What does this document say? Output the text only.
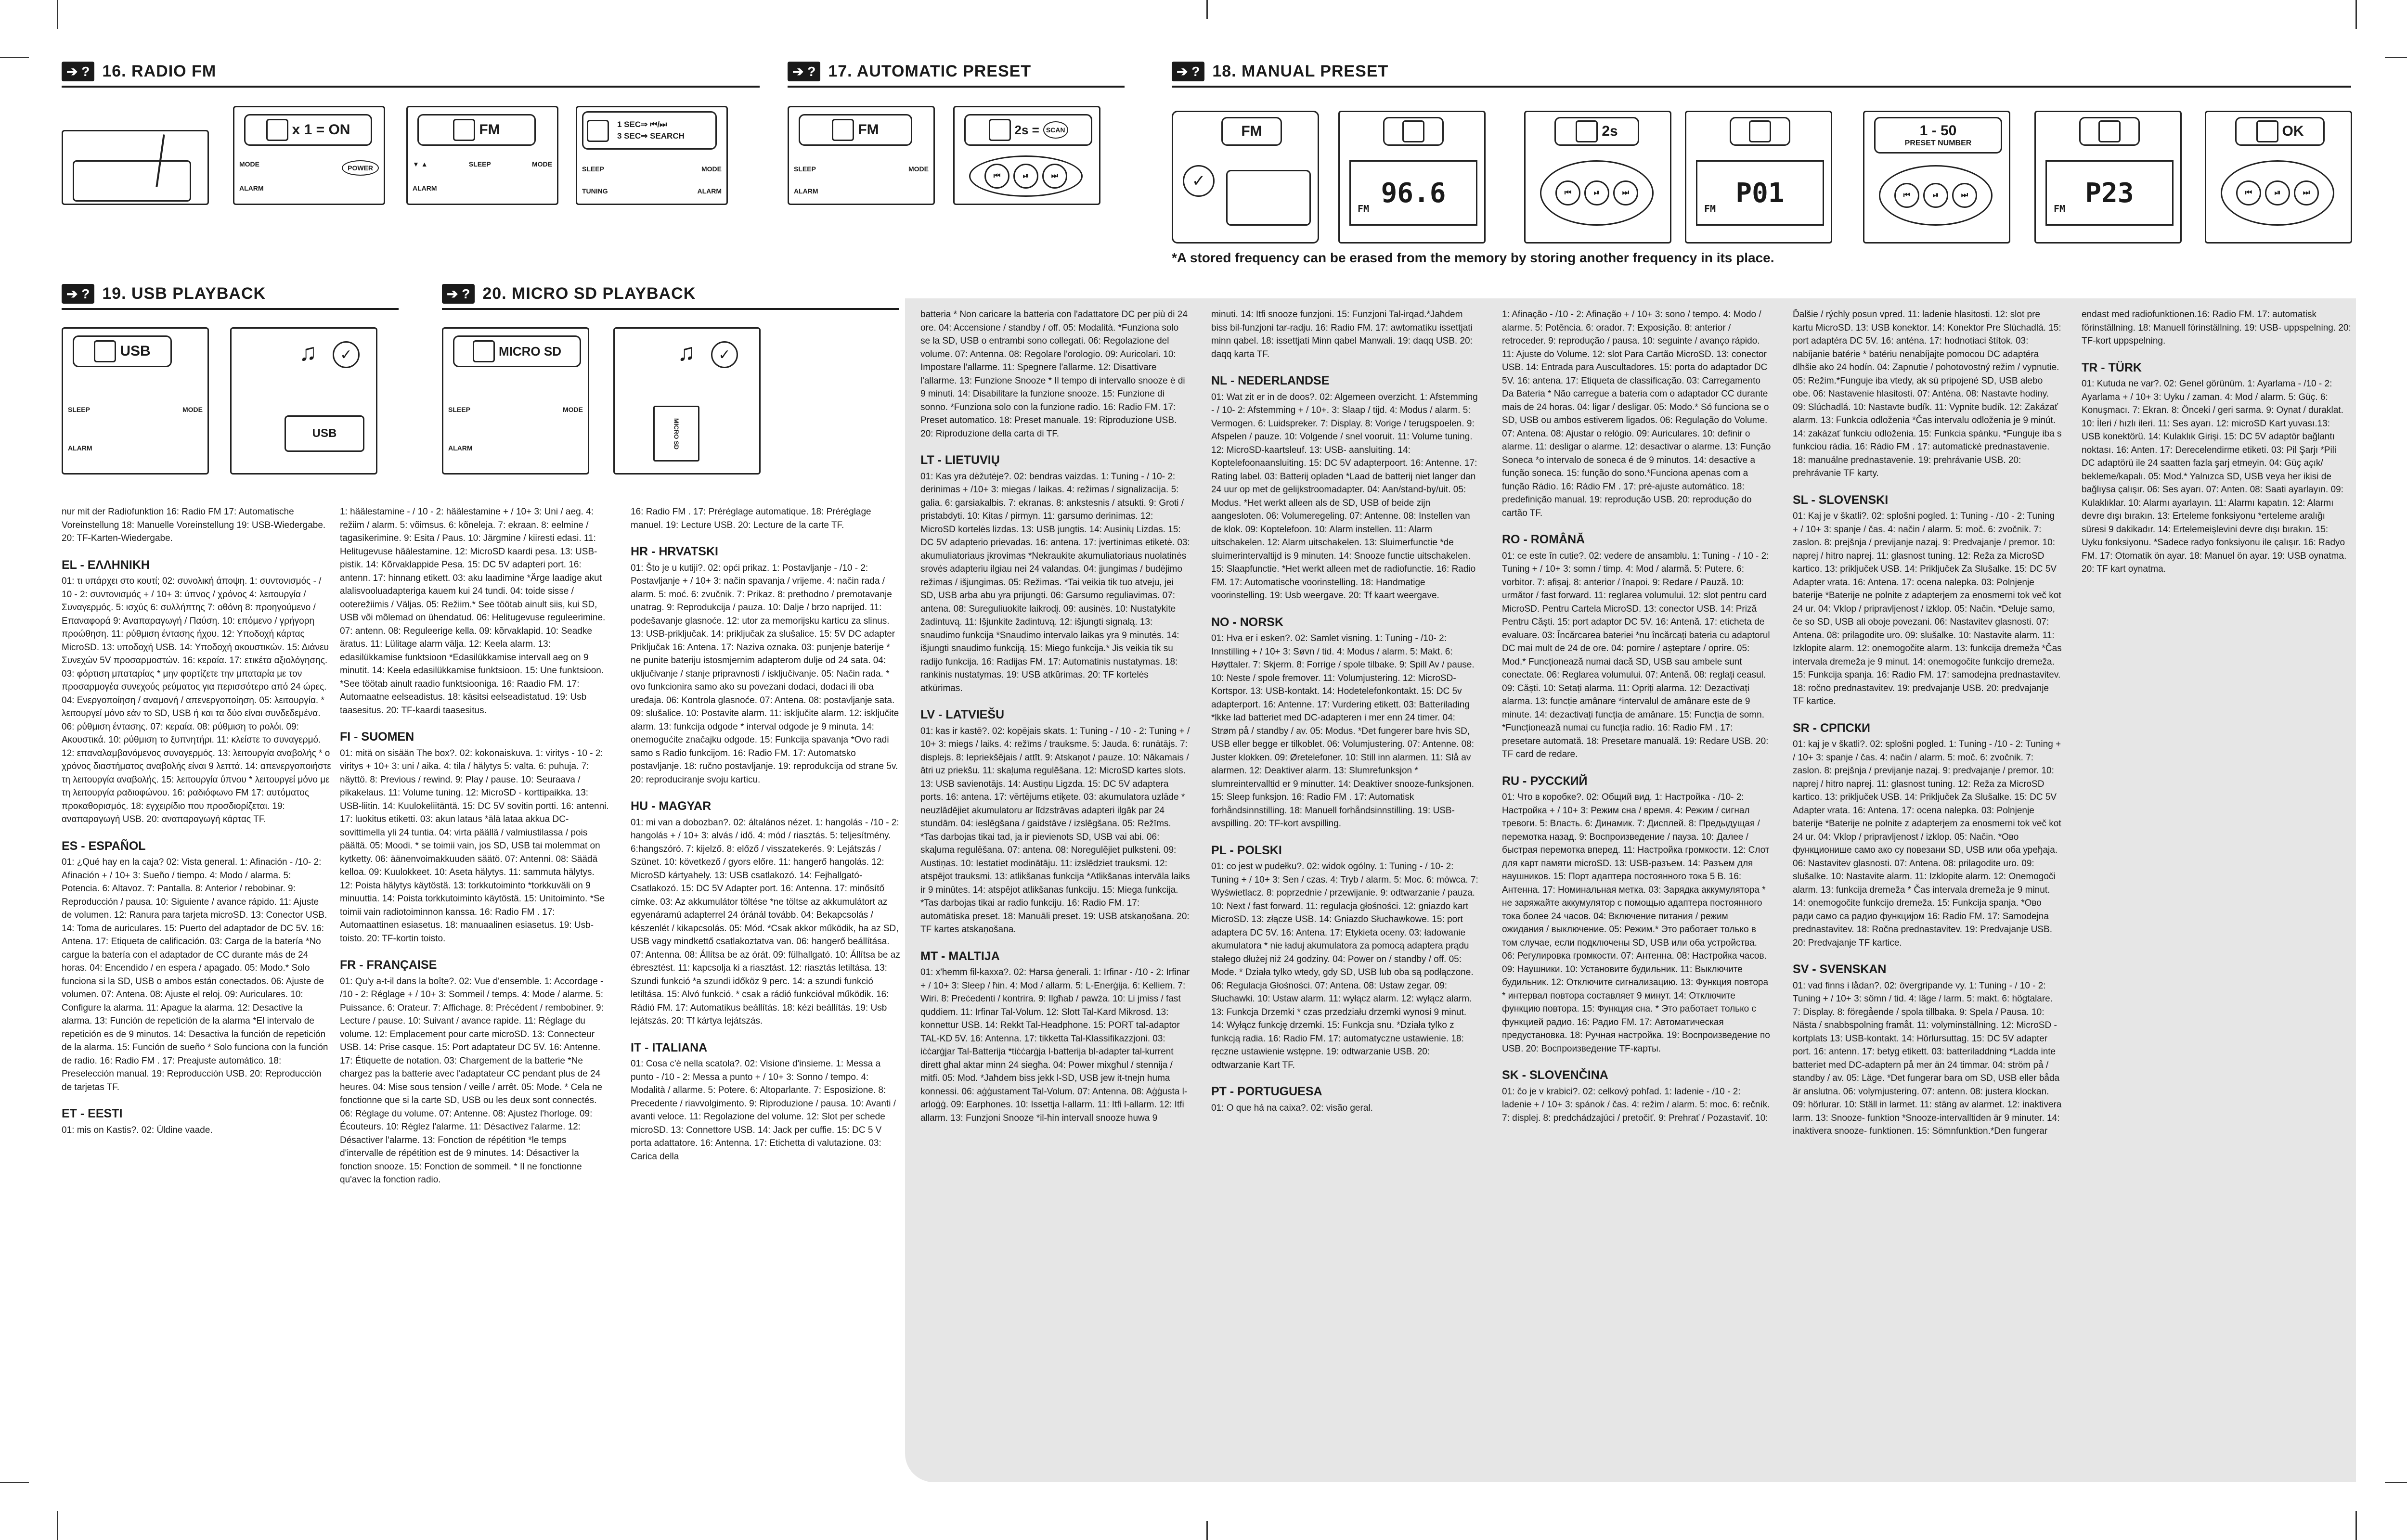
➔ ? 16. RADIO FM
x 1 = ON
MODE	POWER
ALARM
FM
▼ ▲	SLEEP	MODE
ALARM
1 SEC⇒ ⏮/⏭
3 SEC⇒ SEARCH
SLEEP	MODE
TUNING	ALARM
➔ ? 17. AUTOMATIC PRESET
FM
SLEEP	MODE
ALARM
2s =	SCAN
⏮	⏯	⏭
➔ ? 18. MANUAL PRESET
FM
✓
FM
96.6
2s
⏮	⏯	⏭
FM
P01
1 - 50
PRESET NUMBER
⏮	⏯	⏭
FM
P23
OK
⏮	⏯	⏭
*A stored frequency can be erased from the memory by storing another frequency in its place.
➔ ? 19. USB PLAYBACK	➔ ? 20. MICRO SD PLAYBACK
USB
SLEEP	MODE
ALARM
♫	✓
USB
MICRO SD
SLEEP	MODE
ALARM
♫	✓
MICRO SD

nur mit der Radiofunktion 16: Radio FM 17: Automatische Voreinstellung 18: Manuelle Voreinstellung 19: USB-Wiedergabe. 20: TF-Karten-Wiedergabe.

EL - ΕΛΛΗΝΙΚΗ

01: τι υπάρχει στο κουτί; 02: συνολική άποψη. 1: συντονισμός - / 10 - 2: συντονισμός + / 10+ 3: ύπνος / χρόνος 4: λειτουργία / Συναγερμός. 5: ισχύς 6: συλλήπτης 7: οθόνη 8: προηγούμενο / Επαναφορά 9: Αναπαραγωγή / Παύση. 10: επόμενο / γρήγορη προώθηση. 11: ρύθμιση έντασης ήχου. 12: Υποδοχή κάρτας MicroSD. 13: υποδοχή USB. 14: Υποδοχή ακουστικών. 15: Διάνευ Συνεχών 5V προσαρμοστών. 16: κεραία. 17: ετικέτα αξιολόγησης. 03: φόρτιση μπαταρίας * μην φορτίζετε την μπαταρία με τον προσαρμογέα συνεχούς ρεύματος για περισσότερο από 24 ώρες. 04: Ενεργοποίηση / αναμονή / απενεργοποίηση. 05: λειτουργία. * λειτουργεί μόνο εάν το SD, USB ή και τα δύο είναι συνδεδεμένα. 06: ρύθμιση έντασης. 07: κεραία. 08: ρύθμιση το ρολόι. 09: Ακουστικά. 10: ρύθμιση το ξυπνητήρι. 11: κλείστε το συναγερμό. 12: επαναλαμβανόμενος συναγερμός. 13: λειτουργία αναβολής * ο χρόνος διαστήματος αναβολής είναι 9 λεπτά. 14: απενεργοποιήστε τη λειτουργία αναβολής. 15: λειτουργία ύπνου * λειτουργεί μόνο με τη λειτουργία ραδιοφώνου. 16: ραδιόφωνο FM 17: αυτόματος προκαθορισμός. 18: εγχειρίδιο που προσδιορίζεται. 19: αναπαραγωγή USB. 20: αναπαραγωγή κάρτας TF.

ES - ESPAÑOL

01: ¿Qué hay en la caja? 02: Vista general. 1: Afinación - /10- 2: Afinación + / 10+ 3: Sueño / tiempo. 4: Modo / alarma. 5: Potencia. 6: Altavoz. 7: Pantalla. 8: Anterior / rebobinar. 9: Reproducción / pausa. 10: Siguiente / avance rápido. 11: Ajuste de volumen. 12: Ranura para tarjeta microSD. 13: Conector USB. 14: Toma de auriculares. 15: Puerto del adaptador de DC 5V. 16: Antena. 17: Etiqueta de calificación. 03: Carga de la batería *No cargue la batería con el adaptador de CC durante más de 24 horas. 04: Encendido / en espera / apagado. 05: Modo.* Solo funciona si la SD, USB o ambos están conectados. 06: Ajuste de volumen. 07: Antena. 08: Ajuste el reloj. 09: Auriculares. 10: Configure la alarma. 11: Apague la alarma. 12: Desactive la alarma. 13: Función de repetición de la alarma *El intervalo de repetición es de 9 minutos. 14: Desactiva la función de repetición de la alarma. 15: Función de sueño * Solo funciona con la función de radio. 16: Radio FM . 17: Preajuste automático. 18: Preselección manual. 19: Reproducción USB. 20: Reproducción de tarjetas TF.

ET - EESTI

01: mis on Kastis?. 02: Üldine vaade.

1: häälestamine - / 10 - 2: häälestamine + / 10+ 3: Uni / aeg. 4: režiim / alarm. 5: võimsus. 6: kõneleja. 7: ekraan. 8: eelmine / tagasikerimine. 9: Esita / Paus. 10: Järgmine / kiiresti edasi. 11: Helitugevuse häälestamine. 12: MicroSD kaardi pesa. 13: USB-pistik. 14: Kõrvaklappide Pesa. 15: DC 5V adapteri port. 16: antenn. 17: hinnang etikett. 03: aku laadimine *Ärge laadige akut alalisvooluadapteriga kauem kui 24 tundi. 04: toide sisse / ooterežiimis / Väljas. 05: Režiim.* See töötab ainult siis, kui SD, USB või mõlemad on ühendatud. 06: Helitugevuse reguleerimine. 07: antenn. 08: Reguleerige kella. 09: kõrvaklapid. 10: Seadke äratus. 11: Lülitage alarm välja. 12: Keela alarm. 13: edasilükkamise funktsioon *Edasilükkamise intervall aeg on 9 minutit. 14: Keela edasilükkamise funktsioon. 15: Une funktsioon. *See töötab ainult raadio funktsiooniga. 16: Raadio FM. 17: Automaatne eelseadistus. 18: käsitsi eelseadistatud. 19: Usb taasesitus. 20: TF-kaardi taasesitus.

FI - SUOMEN

01: mitä on sisään The box?. 02: kokonaiskuva. 1: viritys - 10 - 2: viritys + 10+ 3: uni / aika. 4: tila / hälytys 5: valta. 6: puhuja. 7: näyttö. 8: Previous / rewind. 9: Play / pause. 10: Seuraava / pikakelaus. 11: Volume tuning. 12: MicroSD - korttipaikka. 13: USB-liitin. 14: Kuulokeliitäntä. 15: DC 5V sovitin portti. 16: antenni. 17: luokitus etiketti. 03: akun lataus *älä lataa akkua DC-sovittimella yli 24 tuntia. 04: virta päällä / valmiustilassa / pois päältä. 05: Moodi. * se toimii vain, jos SD, USB tai molemmat on kytketty. 06: äänenvoimakkuuden säätö. 07: Antenni. 08: Säädä kelloa. 09: Kuulokkeet. 10: Aseta hälytys. 11: sammuta hälytys. 12: Poista hälytys käytöstä. 13: torkkutoiminto *torkkuväli on 9 minuuttia. 14: Poista torkkutoiminto käytöstä. 15: Unitoiminto. *Se toimii vain radiotoiminnon kanssa. 16: Radio FM . 17: Automaattinen esiasetus. 18: manuaalinen esiasetus. 19: Usb-toisto. 20: TF-kortin toisto.

FR - FRANÇAISE

01: Qu'y a-t-il dans la boîte?. 02: Vue d'ensemble. 1: Accordage - /10 - 2: Réglage + / 10+ 3: Sommeil / temps. 4: Mode / alarme. 5: Puissance. 6: Orateur. 7: Affichage. 8: Précédent / rembobiner. 9: Lecture / pause. 10: Suivant / avance rapide. 11: Réglage du volume. 12: Emplacement pour carte microSD. 13: Connecteur USB. 14: Prise casque. 15: Port adaptateur DC 5V. 16: Antenne. 17: Étiquette de notation. 03: Chargement de la batterie *Ne chargez pas la batterie avec l'adaptateur CC pendant plus de 24 heures. 04: Mise sous tension / veille / arrêt. 05: Mode. * Cela ne fonctionne que si la carte SD, USB ou les deux sont connectés. 06: Réglage du volume. 07: Antenne. 08: Ajustez l'horloge. 09: Écouteurs. 10: Réglez l'alarme. 11: Désactivez l'alarme. 12: Désactiver l'alarme. 13: Fonction de répétition *le temps d'intervalle de répétition est de 9 minutes. 14: Désactiver la fonction snooze. 15: Fonction de sommeil. * Il ne fonctionne qu'avec la fonction radio.

16: Radio FM . 17: Préréglage automatique. 18: Préréglage manuel. 19: Lecture USB. 20: Lecture de la carte TF.

HR - HRVATSKI

01: Što je u kutiji?. 02: opći prikaz. 1: Postavljanje - /10 - 2: Postavljanje + / 10+ 3: način spavanja / vrijeme. 4: način rada / alarm. 5: moć. 6: zvučnik. 7: Prikaz. 8: prethodno / premotavanje unatrag. 9: Reprodukcija / pauza. 10: Dalje / brzo naprijed. 11: podešavanje glasnoće. 12: utor za memorijsku karticu za slinus. 13: USB-priključak. 14: priključak za slušalice. 15: 5V DC adapter Priključak 16: Antena. 17: Naziva oznaka. 03: punjenje baterije * ne punite bateriju istosmjernim adapterom dulje od 24 sata. 04: uključivanje / stanje pripravnosti / isključivanje. 05: Način rada. * ovo funkcionira samo ako su povezani dodaci, dodaci ili oba uređaja. 06: Kontrola glasnoće. 07: Antena. 08: postavljanje sata. 09: slušalice. 10: Postavite alarm. 11: isključite alarm. 12: isključite alarm. 13: funkcija odgode * interval odgode je 9 minuta. 14: onemogućite značajku odgode. 15: Funkcija spavanja *Ovo radi samo s Radio funkcijom. 16: Radio FM. 17: Automatsko postavljanje. 18: ručno postavljanje. 19: reprodukcija od strane 5v. 20: reproduciranje svoju karticu.

HU - MAGYAR

01: mi van a dobozban?. 02: általános nézet. 1: hangolás - /10 - 2: hangolás + / 10+ 3: alvás / idő. 4: mód / riasztás. 5: teljesítmény. 6:hangszóró. 7: kijelző. 8: előző / visszatekerés. 9: Lejátszás / Szünet. 10: következő / gyors előre. 11: hangerő hangolás. 12: MicroSD kártyahely. 13: USB csatlakozó. 14: Fejhallgató-Csatlakozó. 15: DC 5V Adapter port. 16: Antenna. 17: minősítő címke. 03: Az akkumulátor töltése *ne töltse az akkumulátort az egyenáramú adapterrel 24 óránál tovább. 04: Bekapcsolás / készenlét / kikapcsolás. 05: Mód. *Csak akkor működik, ha az SD, USB vagy mindkettő csatlakoztatva van. 06: hangerő beállítása. 07: Antenna. 08: Állítsa be az órát. 09: fülhallgató. 10: Állítsa be az ébresztést. 11: kapcsolja ki a riasztást. 12: riasztás letiltása. 13: Szundi funkció *a szundi időköz 9 perc. 14: a szundi funkció letiltása. 15: Alvó funkció. * csak a rádió funkcióval működik. 16: Rádió FM. 17: Automatikus beállítás. 18: kézi beállítás. 19: Usb lejátszás. 20: Tf kártya lejátszás.

IT - ITALIANA

01: Cosa c'è nella scatola?. 02: Visione d'insieme. 1: Messa a punto - /10 - 2: Messa a punto + / 10+ 3: Sonno / tempo. 4: Modalità / allarme. 5: Potere. 6: Altoparlante. 7: Esposizione. 8: Precedente / riavvolgimento. 9: Riproduzione / pausa. 10: Avanti / avanti veloce. 11: Regolazione del volume. 12: Slot per schede microSD. 13: Connettore USB. 14: Jack per cuffie. 15: DC 5 V porta adattatore. 16: Antenna. 17: Etichetta di valutazione. 03: Carica della

batteria * Non caricare la batteria con l'adattatore DC per più di 24 ore. 04: Accensione / standby / off. 05: Modalità. *Funziona solo se la SD, USB o entrambi sono collegati. 06: Regolazione del volume. 07: Antenna. 08: Regolare l'orologio. 09: Auricolari. 10: Impostare l'allarme. 11: Spegnere l'allarme. 12: Disattivare l'allarme. 13: Funzione Snooze * Il tempo di intervallo snooze è di 9 minuti. 14: Disabilitare la funzione snooze. 15: Funzione di sonno. *Funziona solo con la funzione radio. 16: Radio FM. 17: Preset automatico. 18: Preset manuale. 19: Riproduzione USB. 20: Riproduzione della carta di TF.

LT - LIETUVIŲ

01: Kas yra dėžutėje?. 02: bendras vaizdas. 1: Tuning - / 10- 2: derinimas + /10+ 3: miegas / laikas. 4: režimas / signalizacija. 5: galia. 6: garsiakalbis. 7: ekranas. 8: ankstesnis / atsukti. 9: Groti / pristabdyti. 10: Kitas / pirmyn. 11: garsumo derinimas. 12: MicroSD kortelės lizdas. 13: USB jungtis. 14: Ausinių Lizdas. 15: DC 5V adapterio prievadas. 16: antena. 17: įvertinimas etiketė. 03: akumuliatoriaus įkrovimas *Nekraukite akumuliatoriaus nuolatinės srovės adapteriu ilgiau nei 24 valandas. 04: įjungimas / budėjimo režimas / išjungimas. 05: Režimas. *Tai veikia tik tuo atveju, jei SD, USB arba abu yra prijungti. 06: Garsumo reguliavimas. 07: antena. 08: Sureguliuokite laikrodį. 09: ausinės. 10: Nustatykite žadintuvą. 11: Išjunkite žadintuvą. 12: išjungti signalą. 13: snaudimo funkcija *Snaudimo intervalo laikas yra 9 minutės. 14: išjungti snaudimo funkciją. 15: Miego funkcija.* Jis veikia tik su radijo funkcija. 16: Radijas FM. 17: Automatinis nustatymas. 18: rankinis nustatymas. 19: USB atkūrimas. 20: TF kortelės atkūrimas.

LV - LATVIEŠU

01: kas ir kastē?. 02: kopējais skats. 1: Tuning - / 10 - 2: Tuning + / 10+ 3: miegs / laiks. 4: režīms / trauksme. 5: Jauda. 6: runātājs. 7: displejs. 8: Iepriekšējais / attīt. 9: Atskaņot / pauze. 10: Nākamais / ātri uz priekšu. 11: skaļuma regulēšana. 12: MicroSD kartes slots. 13: USB savienotājs. 14: Austiņu Ligzda. 15: DC 5V adaptera ports. 16: antena. 17: vērtējums etiķete. 03: akumulatora uzlāde * neuzlādējiet akumulatoru ar līdzstrāvas adapteri ilgāk par 24 stundām. 04: ieslēgšana / gaidstāve / izslēgšana. 05: Režīms. *Tas darbojas tikai tad, ja ir pievienots SD, USB vai abi. 06: skaļuma regulēšana. 07: antena. 08: Noregulējiet pulksteni. 09: Austiņas. 10: Iestatiet modinātāju. 11: izslēdziet trauksmi. 12: atspējot trauksmi. 13: atlikšanas funkcija *Atlikšanas intervāla laiks ir 9 minūtes. 14: atspējot atlikšanas funkciju. 15: Miega funkcija. *Tas darbojas tikai ar radio funkciju. 16: Radio FM. 17: automātiska preset. 18: Manuāli preset. 19: USB atskaņošana. 20: TF kartes atskaņošana.

MT - MALTIJA

01: x'hemm fil-kaxxa?. 02: Ħarsa ġenerali. 1: Irfinar - /10 - 2: Irfinar + / 10+ 3: Sleep / ħin. 4: Mod / allarm. 5: L-Enerġija. 6: Kelliem. 7: Wiri. 8: Preċedenti / kontrira. 9: Ilgħab / pawża. 10: Li jmiss / fast quddiem. 11: Irfinar Tal-Volum. 12: Slott Tal-Kard Mikrosd. 13: konnettur USB. 14: Rekkt Tal-Headphone. 15: PORT tal-adaptor TAL-KD 5V. 16: Antenna. 17: tikketta Tal-Klassifikazzjoni. 03: iċċarġjar Tal-Batterija *tiċċarġja l-batterija bl-adapter tal-kurrent dirett għal aktar minn 24 siegħa. 04: Power mixgħul / stennija / mitfi. 05: Mod. *Jaħdem biss jekk l-SD, USB jew it-tnejn huma konnessi. 06: aġġustament Tal-Volum. 07: Antenna. 08: Aġġusta l-arloġġ. 09: Earphones. 10: Issettja l-allarm. 11: Itfi l-allarm. 12: Itfi allarm. 13: Funzjoni Snooze *il-ħin intervall snooze huwa 9

minuti. 14: Itfi snooze funzjoni. 15: Funzjoni Tal-irqad.*Jaħdem biss bil-funzjoni tar-radju. 16: Radio FM. 17: awtomatiku issettjati minn qabel. 18: issettjati Minn qabel Manwali. 19: daqq USB. 20: daqq karta TF.

NL - NEDERLANDSE

01: Wat zit er in de doos?. 02: Algemeen overzicht. 1: Afstemming - / 10- 2: Afstemming + / 10+. 3: Slaap / tijd. 4: Modus / alarm. 5: Vermogen. 6: Luidspreker. 7: Display. 8: Vorige / terugspoelen. 9: Afspelen / pauze. 10: Volgende / snel vooruit. 11: Volume tuning. 12: MicroSD-kaartsleuf. 13: USB- aansluiting. 14: Koptelefoonaansluiting. 15: DC 5V adapterpoort. 16: Antenne. 17: Rating label. 03: Batterij opladen *Laad de batterij niet langer dan 24 uur op met de gelijkstroomadapter. 04: Aan/stand-by/uit. 05: Modus. *Het werkt alleen als de SD, USB of beide zijn aangesloten. 06: Volumeregeling. 07: Antenne. 08: Instellen van de klok. 09: Koptelefoon. 10: Alarm instellen. 11: Alarm uitschakelen. 12: Alarm uitschakelen. 13: Sluimerfunctie *de sluimerintervaltijd is 9 minuten. 14: Snooze functie uitschakelen. 15: Slaapfunctie. *Het werkt alleen met de radiofunctie. 16: Radio FM. 17: Automatische voorinstelling. 18: Handmatige voorinstelling. 19: Usb weergave. 20: Tf kaart weergave.

NO - NORSK

01: Hva er i esken?. 02: Samlet visning. 1: Tuning - /10- 2: Innstilling + / 10+ 3: Søvn / tid. 4: Modus / alarm. 5: Makt. 6: Høyttaler. 7: Skjerm. 8: Forrige / spole tilbake. 9: Spill Av / pause. 10: Neste / spole fremover. 11: Volumjustering. 12: MicroSD-Kortspor. 13: USB-kontakt. 14: Hodetelefonkontakt. 15: DC 5v adapterport. 16: Antenne. 17: Vurdering etikett. 03: Batterilading *lkke lad batteriet med DC-adapteren i mer enn 24 timer. 04: Strøm på / standby / av. 05: Modus. *Det fungerer bare hvis SD, USB eller begge er tilkoblet. 06: Volumjustering. 07: Antenne. 08: Juster klokken. 09: Øretelefoner. 10: Still inn alarmen. 11: Slå av alarmen. 12: Deaktiver alarm. 13: Slumrefunksjon * slumreintervalltid er 9 minutter. 14: Deaktiver snooze-funksjonen. 15: Sleep funksjon. 16: Radio FM . 17: Automatisk forhåndsinnstilling. 18: Manuell forhåndsinnstilling. 19: USB-avspilling. 20: TF-kort avspilling.

PL - POLSKI

01: co jest w pudełku?. 02: widok ogólny. 1: Tuning - / 10- 2: Tuning + / 10+ 3: Sen / czas. 4: Tryb / alarm. 5: Moc. 6: mówca. 7: Wyświetlacz. 8: poprzednie / przewijanie. 9: odtwarzanie / pauza. 10: Next / fast forward. 11: regulacja głośności. 12: gniazdo kart MicroSD. 13: złącze USB. 14: Gniazdo Słuchawkowe. 15: port adaptera DC 5V. 16: Antena. 17: Etykieta oceny. 03: ładowanie akumulatora * nie ładuj akumulatora za pomocą adaptera prądu stałego dłużej niż 24 godziny. 04: Power on / standby / off. 05: Mode. * Działa tylko wtedy, gdy SD, USB lub oba są podłączone. 06: Regulacja Głośności. 07: Antena. 08: Ustaw zegar. 09: Słuchawki. 10: Ustaw alarm. 11: wyłącz alarm. 12: wyłącz alarm. 13: Funkcja Drzemki * czas przedziału drzemki wynosi 9 minut. 14: Wyłącz funkcję drzemki. 15: Funkcja snu. *Działa tylko z funkcją radia. 16: Radio FM. 17: automatyczne ustawienie. 18: ręczne ustawienie wstępne. 19: odtwarzanie USB. 20: odtwarzanie Kart TF.

PT - PORTUGUESA

01: O que há na caixa?. 02: visão geral.

1: Afinação - /10 - 2: Afinação + / 10+ 3: sono / tempo. 4: Modo / alarme. 5: Potência. 6: orador. 7: Exposição. 8: anterior / retroceder. 9: reprodução / pausa. 10: seguinte / avanço rápido. 11: Ajuste do Volume. 12: slot Para Cartão MicroSD. 13: conector USB. 14: Entrada para Auscultadores. 15: porta do adaptador DC 5V. 16: antena. 17: Etiqueta de classificação. 03: Carregamento Da Bateria * Não carregue a bateria com o adaptador CC durante mais de 24 horas. 04: ligar / desligar. 05: Modo.* Só funciona se o SD, USB ou ambos estiverem ligados. 06: Regulação do Volume. 07: Antena. 08: Ajustar o relógio. 09: Auriculares. 10: definir o alarme. 11: desligar o alarme. 12: desactivar o alarme. 13: Função Soneca *o intervalo de soneca é de 9 minutos. 14: desactive a função soneca. 15: função do sono.*Funciona apenas com a função Rádio. 16: Rádio FM . 17: pré-ajuste automático. 18: predefinição manual. 19: reprodução USB. 20: reprodução do cartão TF.

RO - ROMÂNĂ

01: ce este în cutie?. 02: vedere de ansamblu. 1: Tuning - / 10 - 2: Tuning + / 10+ 3: somn / timp. 4: Mod / alarmă. 5: Putere. 6: vorbitor. 7: afișaj. 8: anterior / înapoi. 9: Redare / Pauză. 10: următor / fast forward. 11: reglarea volumului. 12: slot pentru card MicroSD. Pentru Cartela MicroSD. 13: conector USB. 14: Priză Pentru Căști. 15: port adaptor DC 5V. 16: Antenă. 17: eticheta de evaluare. 03: Încărcarea bateriei *nu încărcați bateria cu adaptorul DC mai mult de 24 de ore. 04: pornire / așteptare / oprire. 05: Mod.* Funcționează numai dacă SD, USB sau ambele sunt conectate. 06: Reglarea volumului. 07: Antenă. 08: reglați ceasul. 09: Căști. 10: Setați alarma. 11: Opriți alarma. 12: Dezactivați alarma. 13: funcție amânare *intervalul de amânare este de 9 minute. 14: dezactivați funcția de amânare. 15: Funcția de somn. *Funcționează numai cu funcția radio. 16: Radio FM . 17: presetare automată. 18: Presetare manuală. 19: Redare USB. 20: TF card de redare.

RU - РУССКИЙ

01: Что в коробке?. 02: Общий вид. 1: Настройка - /10- 2: Настройка + / 10+ 3: Режим сна / время. 4: Режим / сигнал тревоги. 5: Власть. 6: Динамик. 7: Дисплей. 8: Предыдущая / перемотка назад. 9: Воспроизведение / пауза. 10: Далее / быстрая перемотка вперед. 11: Настройка громкости. 12: Слот для карт памяти microSD. 13: USB-разъем. 14: Разъем для наушников. 15: Порт адаптера постоянного тока 5 В. 16: Антенна. 17: Номинальная метка. 03: Зарядка аккумулятора * не заряжайте аккумулятор с помощью адаптера постоянного тока более 24 часов. 04: Включение питания / режим ожидания / выключение. 05: Режим.* Это работает только в том случае, если подключены SD, USB или оба устройства. 06: Регулировка громкости. 07: Антенна. 08: Настройка часов. 09: Наушники. 10: Установите будильник. 11: Выключите будильник. 12: Отключите сигнализацию. 13: Функция повтора * интервал повтора составляет 9 минут. 14: Отключите функцию повтора. 15: Функция сна. * Это работает только с функцией радио. 16: Радио FM. 17: Автоматическая предустановка. 18: Ручная настройка. 19: Воспроизведение по USB. 20: Воспроизведение TF-карты.

SK - SLOVENČINA

01: čo je v krabici?. 02: celkový pohľad. 1: ladenie - /10 - 2: ladenie + / 10+ 3: spánok / čas. 4: režim / alarm. 5: moc. 6: rečník. 7: displej. 8: predchádzajúci / pretočiť. 9: Prehrať / Pozastaviť. 10:

Ďalšie / rýchly posun vpred. 11: ladenie hlasitosti. 12: slot pre kartu MicroSD. 13: USB konektor. 14: Konektor Pre Slúchadlá. 15: port adaptéra DC 5V. 16: anténa. 17: hodnotiaci štítok. 03: nabíjanie batérie * batériu nenabíjajte pomocou DC adaptéra dlhšie ako 24 hodín. 04: Zapnutie / pohotovostný režim / vypnutie. 05: Režim.*Funguje iba vtedy, ak sú pripojené SD, USB alebo obe. 06: Nastavenie hlasitosti. 07: Anténa. 08: Nastavte hodiny. 09: Slúchadlá. 10: Nastavte budík. 11: Vypnite budík. 12: Zakázať alarm. 13: Funkcia odloženia *Čas intervalu odloženia je 9 minút. 14: zakázať funkciu odloženia. 15: Funkcia spánku. *Funguje iba s funkciou rádia. 16: Rádio FM . 17: automatické prednastavenie. 18: manuálne prednastavenie. 19: prehrávanie USB. 20: prehrávanie TF karty.

SL - SLOVENSKI

01: Kaj je v škatli?. 02: splošni pogled. 1: Tuning - /10 - 2: Tuning + / 10+ 3: spanje / čas. 4: način / alarm. 5: moč. 6: zvočnik. 7: zaslon. 8: prejšnja / previjanje nazaj. 9: Predvajanje / premor. 10: naprej / hitro naprej. 11: glasnost tuning. 12: Reža za MicroSD kartico. 13: priključek USB. 14: Priključek Za Slušalke. 15: DC 5V Adapter vrata. 16: Antena. 17: ocena nalepka. 03: Polnjenje baterije *Baterije ne polnite z adapterjem za enosmerni tok več kot 24 ur. 04: Vklop / pripravljenost / izklop. 05: Način. *Deluje samo, če so SD, USB ali oboje povezani. 06: Nastavitev glasnosti. 07: Antena. 08: prilagodite uro. 09: slušalke. 10: Nastavite alarm. 11: Izklopite alarm. 12: onemogočite alarm. 13: funkcija dremeža *Čas intervala dremeža je 9 minut. 14: onemogočite funkcijo dremeža. 15: Funkcija spanja. 16: Radio FM. 17: samodejna prednastavitev. 18: ročno prednastavitev. 19: predvajanje USB. 20: predvajanje TF kartice.

SR - СРПСКИ

01: kaj je v škatli?. 02: splošni pogled. 1: Tuning - /10 - 2: Tuning + / 10+ 3: spanje / čas. 4: način / alarm. 5: moč. 6: zvočnik. 7: zaslon. 8: prejšnja / previjanje nazaj. 9: predvajanje / premor. 10: naprej / hitro naprej. 11: glasnost tuning. 12: Reža za MicroSD kartico. 13: priključek USB. 14: Priključek Za Slušalke. 15: DC 5V Adapter vrata. 16: Antena. 17: ocena nalepka. 03: Polnjenje baterije *Baterije ne polnite z adapterjem za enosmerni tok več kot 24 ur. 04: Vklop / pripravljenost / izklop. 05: Način. *Ово функционише само ако су повезани SD, USB или оба уређаја. 06: Nastavitev glasnosti. 07: Antena. 08: prilagodite uro. 09: slušalke. 10: Nastavite alarm. 11: Izklopite alarm. 12: Onemogoči alarm. 13: funkcija dremeža * Čas intervala dremeža je 9 minut. 14: onemogočite funkcijo dremeža. 15: Funkcija spanja. *Ово ради само са радио функцијом 16: Radio FM. 17: Samodejna prednastavitev. 18: Ročna prednastavitev. 19: Predvajanje USB. 20: Predvajanje TF kartice.

SV - SVENSKAN

01: vad finns i lådan?. 02: övergripande vy. 1: Tuning - / 10 - 2: Tuning + / 10+ 3: sömn / tid. 4: läge / larm. 5: makt. 6: högtalare. 7: Display. 8: föregående / spola tillbaka. 9: Spela / Pausa. 10: Nästa / snabbspolning framåt. 11: volyminställning. 12: MicroSD - kortplats 13: USB-kontakt. 14: Hörlursuttag. 15: DC 5V adapter port. 16: antenn. 17: betyg etikett. 03: batteriladdning *Ladda inte batteriet med DC-adaptern på mer än 24 timmar. 04: ström på / standby / av. 05: Läge. *Det fungerar bara om SD, USB eller båda är anslutna. 06: volymjustering. 07: antenn. 08: justera klockan. 09: hörlurar. 10: Ställ in larmet. 11: stäng av alarmet. 12: inaktivera larm. 13: Snooze- funktion *Snooze-intervalltiden är 9 minuter. 14: inaktivera snooze- funktionen. 15: Sömnfunktion.*Den fungerar

endast med radiofunktionen.16: Radio FM. 17: automatisk förinställning. 18: Manuell förinställning. 19: USB- uppspelning. 20: TF-kort uppspelning.

TR - TÜRK

01: Kutuda ne var?. 02: Genel görünüm. 1: Ayarlama - /10 - 2: Ayarlama + / 10+ 3: Uyku / zaman. 4: Mod / alarm. 5: Güç. 6: Konuşmacı. 7: Ekran. 8: Önceki / geri sarma. 9: Oynat / duraklat. 10: İleri / hızlı ileri. 11: Ses ayarı. 12: microSD Kart yuvası.13: USB konektörü. 14: Kulaklık Girişi. 15: DC 5V adaptör bağlantı noktası. 16: Anten. 17: Derecelendirme etiketi. 03: Pil Şarjı *Pili DC adaptörü ile 24 saatten fazla şarj etmeyin. 04: Güç açık/ bekleme/kapalı. 05: Mod.* Yalnızca SD, USB veya her ikisi de bağlıysa çalışır. 06: Ses ayarı. 07: Anten. 08: Saati ayarlayın. 09: Kulaklıklar. 10: Alarmı ayarlayın. 11: Alarmı kapatın. 12: Alarmı devre dışı bırakın. 13: Erteleme fonksiyonu *erteleme aralığı süresi 9 dakikadır. 14: Ertelemeişlevini devre dışı bırakın. 15: Uyku fonksiyonu. *Sadece radyo fonksiyonu ile çalışır. 16: Radyo FM. 17: Otomatik ön ayar. 18: Manuel ön ayar. 19: USB oynatma. 20: TF kart oynatma.
